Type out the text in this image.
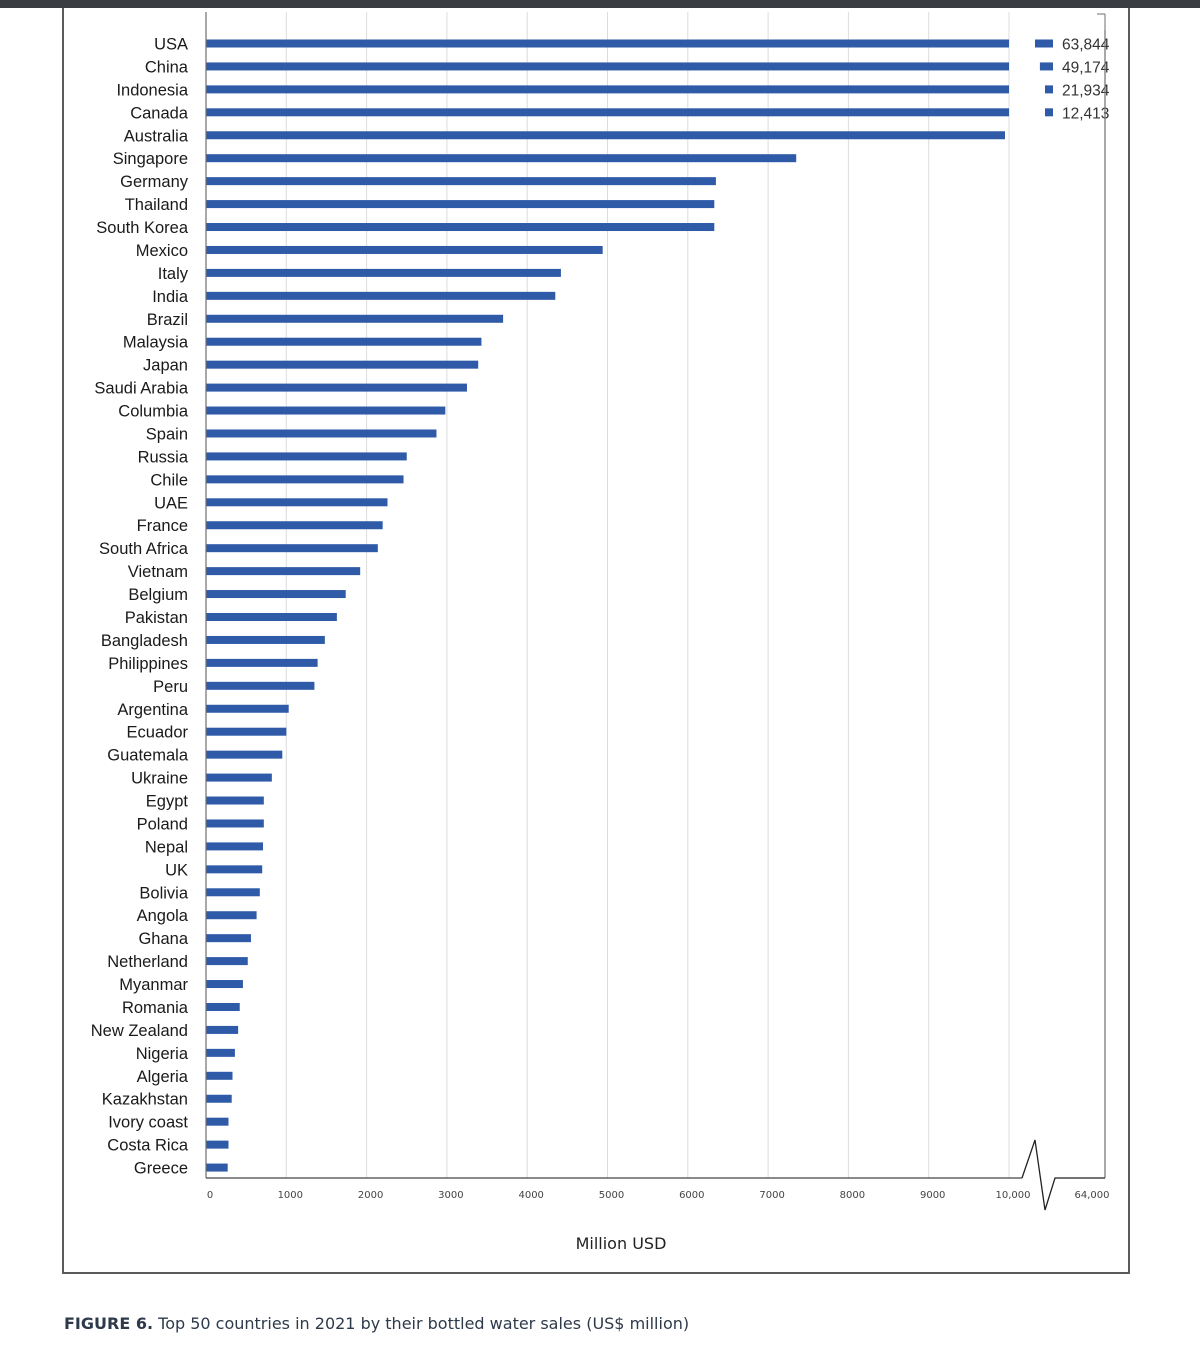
USA
China
Indonesia
Canada
Australia
Singapore
Germany
Thailand
South Korea
Mexico
Italy
India
Brazil
Malaysia
Japan
Saudi Arabia
Columbia
Spain
Russia
Chile
UAE
France
South Africa
Vietnam
Belgium
Pakistan
Bangladesh
Philippines
Peru
Argentina
Ecuador
Guatemala
Ukraine
Egypt
Poland
Nepal
UK
Bolivia
Angola
Ghana
Netherland
Myanmar
Romania
New Zealand
Nigeria
Algeria
Kazakhstan
Ivory coast
Costa Rica
Greece
63,844
49,174
21,934
12,413
0	1000	2000	3000	4000	5000	6000	7000	8000	9000	10,000	64,000
Million USD
FIGURE 6. Top 50 countries in 2021 by their bottled water sales (US$ million)
